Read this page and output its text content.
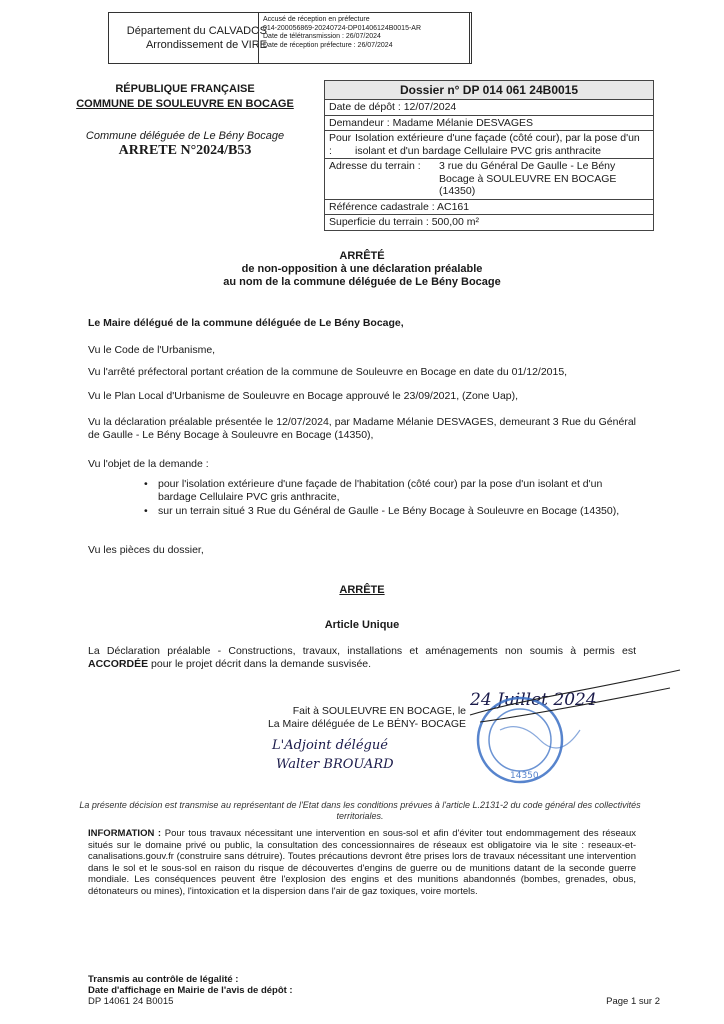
Département du CALVADOS
Arrondissement de VIRE
Accusé de réception en préfecture
014-200056869-20240724-DP01406124B0015-AR
Date de télétransmission : 26/07/2024
Date de réception préfecture : 26/07/2024
RÉPUBLIQUE FRANÇAISE
COMMUNE DE SOULEUVRE EN BOCAGE
Commune déléguée de Le Bény Bocage
ARRETE N°2024/B53
Dossier n° DP 014 061 24B0015
Date de dépôt : 12/07/2024
Demandeur : Madame Mélanie DESVAGES
Pour :
Isolation extérieure d'une façade (côté cour), par la pose d'un isolant et d'un bardage Cellulaire PVC gris anthracite
Adresse du terrain :	3 rue du Général De Gaulle - Le Bény Bocage à SOULEUVRE EN BOCAGE (14350)
Référence cadastrale : AC161
Superficie du terrain : 500,00 m²
ARRÊTÉ
de non-opposition à une déclaration préalable
au nom de la commune déléguée de Le Bény Bocage
Le Maire délégué de la commune déléguée de Le Bény Bocage,
Vu le Code de l'Urbanisme,
Vu l'arrêté préfectoral portant création de la commune de Souleuvre en Bocage en date du 01/12/2015,
Vu le Plan Local d'Urbanisme de Souleuvre en Bocage approuvé le 23/09/2021, (Zone Uap),
Vu la déclaration préalable présentée le 12/07/2024, par Madame Mélanie DESVAGES, demeurant 3 Rue du Général de Gaulle - Le Bény Bocage à Souleuvre en Bocage (14350),
Vu l'objet de la demande :
• pour l'isolation extérieure d'une façade de l'habitation (côté cour) par la pose d'un isolant et d'un bardage Cellulaire PVC gris anthracite,
• sur un terrain situé 3 Rue du Général de Gaulle - Le Bény Bocage à Souleuvre en Bocage (14350),
Vu les pièces du dossier,
ARRÊTE
Article Unique
La Déclaration préalable - Constructions, travaux, installations et aménagements non soumis à permis est ACCORDÉE pour le projet décrit dans la demande susvisée.
Fait à SOULEUVRE EN BOCAGE, le
La Maire déléguée de Le BÉNY- BOCAGE
24 Juillet 2024
L'Adjoint délégué
Walter BROUARD
14350
La présente décision est transmise au représentant de l'Etat dans les conditions prévues à l'article L.2131-2 du code général des collectivités territoriales.
INFORMATION : Pour tous travaux nécessitant une intervention en sous-sol et afin d'éviter tout endommagement des réseaux situés sur le domaine privé ou public, la consultation des concessionnaires de réseaux est obligatoire via le site : reseaux-et-canalisations.gouv.fr (construire sans détruire). Toutes précautions devront être prises lors de travaux nécessitant une intervention dans le sol et le sous-sol en raison du risque de découvertes d'engins de guerre ou de munitions datant de la seconde guerre mondiale. Les conséquences peuvent être l'explosion des engins et des munitions abandonnés (bombes, grenades, obus, détonateurs ou mines), l'intoxication et la dispersion dans l'air de gaz toxiques, voire mortels.
Transmis au contrôle de légalité :
Date d'affichage en Mairie de l'avis de dépôt :
DP 14061 24 B0015	Page 1 sur 2
